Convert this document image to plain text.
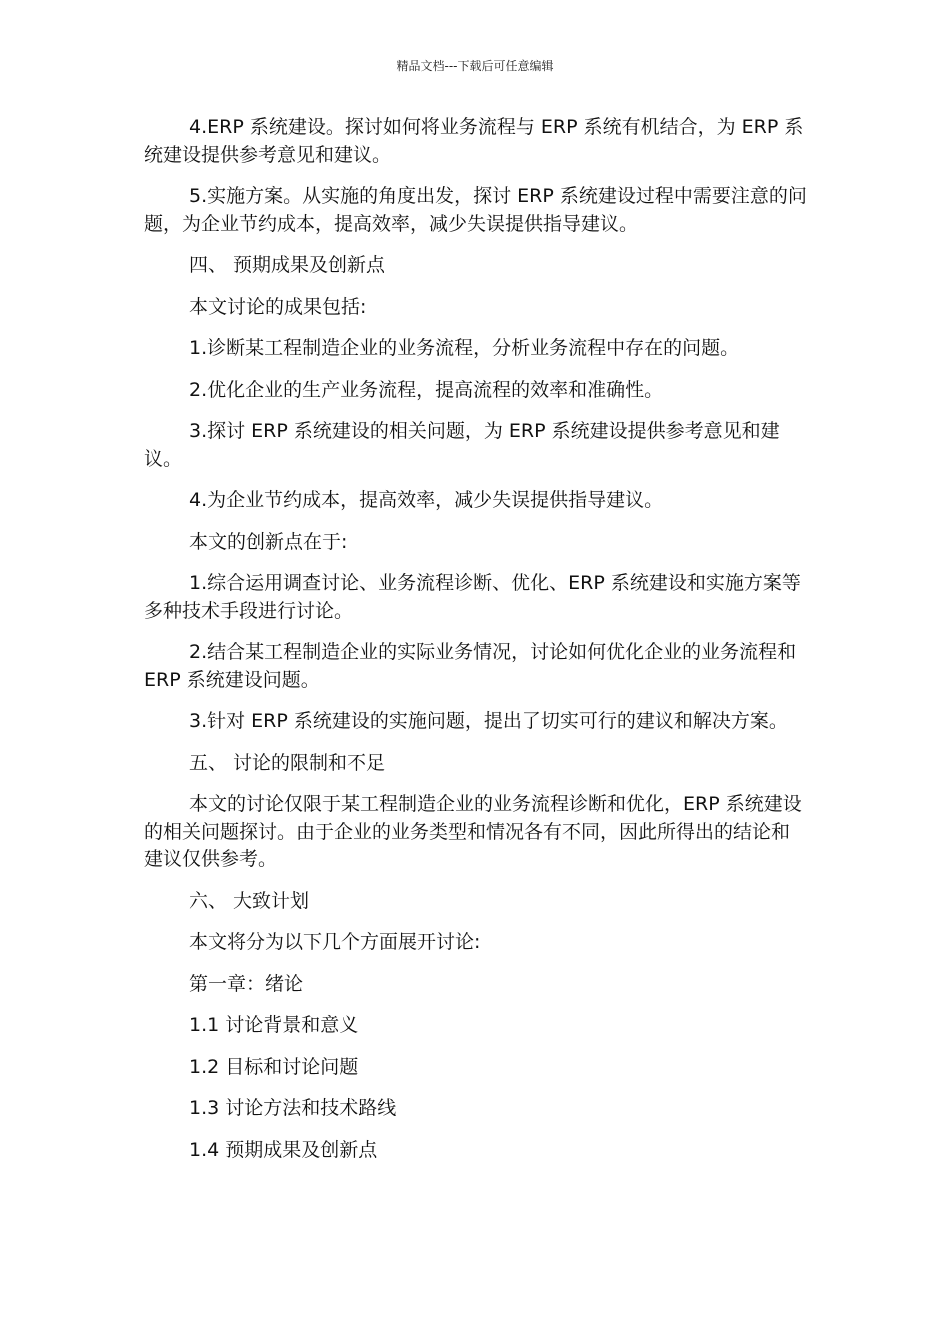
精品文档---下载后可任意编辑

4.ERP 系统建设。探讨如何将业务流程与 ERP 系统有机结合，为 ERP 系统建设提供参考意见和建议。

5.实施方案。从实施的角度出发，探讨 ERP 系统建设过程中需要注意的问题，为企业节约成本，提高效率，减少失误提供指导建议。

四、 预期成果及创新点

本文讨论的成果包括:

1.诊断某工程制造企业的业务流程，分析业务流程中存在的问题。

2.优化企业的生产业务流程，提高流程的效率和准确性。

3.探讨 ERP 系统建设的相关问题，为 ERP 系统建设提供参考意见和建议。

4.为企业节约成本，提高效率，减少失误提供指导建议。

本文的创新点在于:

1.综合运用调查讨论、业务流程诊断、优化、ERP 系统建设和实施方案等多种技术手段进行讨论。

2.结合某工程制造企业的实际业务情况，讨论如何优化企业的业务流程和 ERP 系统建设问题。

3.针对 ERP 系统建设的实施问题，提出了切实可行的建议和解决方案。

五、 讨论的限制和不足

本文的讨论仅限于某工程制造企业的业务流程诊断和优化，ERP 系统建设的相关问题探讨。由于企业的业务类型和情况各有不同，因此所得出的结论和建议仅供参考。

六、 大致计划

本文将分为以下几个方面展开讨论:

第一章：绪论

1.1 讨论背景和意义

1.2 目标和讨论问题

1.3 讨论方法和技术路线

1.4 预期成果及创新点
